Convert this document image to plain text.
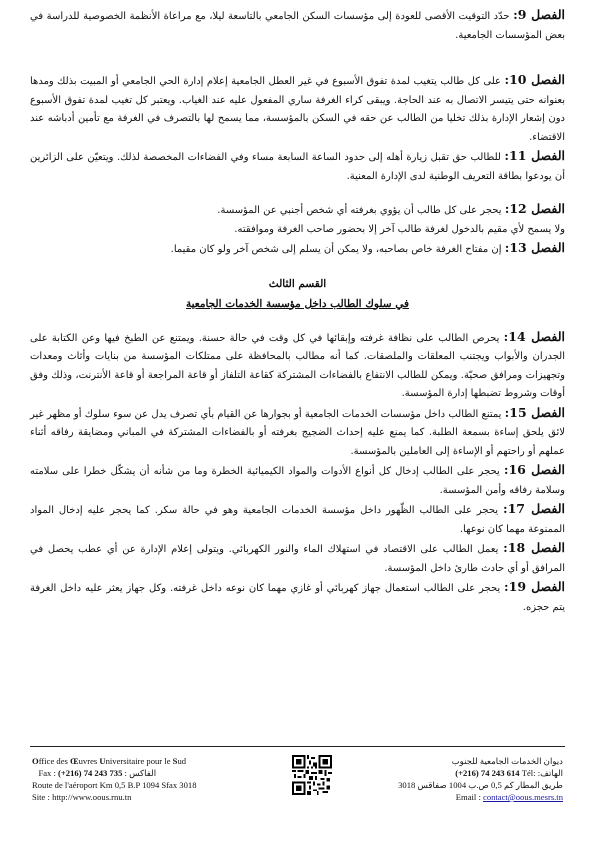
الفصل 9: حدّد التوقيت الأقصى للعودة إلى مؤسسات السكن الجامعي بالتاسعة ليلا، مع مراعاة الأنظمة الخصوصية للدراسة في بعض المؤسسات الجامعية.

الفصل 10: على كل طالب يتغيب لمدة تفوق الأسبوع في غير العطل الجامعية إعلام إدارة الحي الجامعي أو المبيت بذلك ومدها بعنوانه حتى يتيسر الاتصال به عند الحاجة. ويبقى كراء الغرفة ساري المفعول عليه عند الغياب. ويعتبر كل تغيب لمدة تفوق الأسبوع دون إشعار الإدارة بذلك تخليا من الطالب عن حقه في السكن بالمؤسسة، مما يسمح لها بالتصرف في الغرفة مع تأمين أدباشه عند الاقتضاء.

الفصل 11: للطالب حق تقبل زيارة أهله إلى حدود الساعة السابعة مساء وفي الفضاءات المخصصة لذلك. ويتعيّن على الزائرين أن يودعوا بطاقة التعريف الوطنية لدى الإدارة المعنية.

الفصل 12: يحجر على كل طالب أن يؤوي بغرفته أي شخص أجنبي عن المؤسسة.

ولا يسمح لأي مقيم بالدخول لغرفة طالب آخر إلا بحضور صاحب الغرفة وموافقته.

الفصل 13: إن مفتاح الغرفة خاص بصاحبه، ولا يمكن أن يسلم إلى شخص آخر ولو كان مقيما.

القسم الثالث
في سلوك الطالب داخل مؤسسة الخدمات الجامعية

الفصل 14: يحرص الطالب على نظافة غرفته وإبقائها في كل وقت في حالة حسنة. ويمتنع عن الطبخ فيها وعن الكتابة على الجدران والأبواب ويجتنب المعلقات والملصقات. كما أنه مطالب بالمحافظة على ممتلكات المؤسسة من بنايات وأثاث ومعدات وتجهيزات ومرافق صحيّة. ويمكن للطالب الانتفاع بالفضاءات المشتركة كقاعة التلفاز أو قاعة المراجعة أو قاعة الأنترنت، وذلك وفق أوقات وشروط تضبطها إدارة المؤسسة.

الفصل 15: يمتنع الطالب داخل مؤسسات الخدمات الجامعية أو بجوارها عن القيام بأي تصرف يدل عن سوء سلوك أو مظهر غير لائق يلحق إساءة بسمعة الطلبة. كما يمنع عليه إحداث الضجيج بغرفته أو بالفضاءات المشتركة في المباني ومضايقة رفاقه أثناء عملهم أو راحتهم أو الإساءة إلى العاملين بالمؤسسة.

الفصل 16: يحجر على الطالب إدخال كل أنواع الأدوات والمواد الكيميائية الخطرة وما من شأنه أن يشكّل خطرا على سلامته وسلامة رفاقه وأمن المؤسسة.

الفصل 17: يحجر على الطالب الظّهور داخل مؤسسة الخدمات الجامعية وهو في حالة سكر. كما يحجر عليه إدخال المواد الممنوعة مهما كان نوعها.

الفصل 18: يعمل الطالب على الاقتصاد في استهلاك الماء والنور الكهربائي. ويتولى إعلام الإدارة عن أي عطب يحصل في المرافق أو أي حادث طارئ داخل المؤسسة.

الفصل 19: يحجر على الطالب استعمال جهاز كهربائي أو غازي مهما كان نوعه داخل غرفته. وكل جهاز يعثر عليه داخل الغرفة يتم حجزه.

Office des Œuvres Universitaire pour le Sud
Fax : (+216) 74 243 735 : الفاكس
Route de l'aéroport Km 0,5 B.P 1094 Sfax 3018
Site : http://www.oous.rnu.tn
ديوان الخدمات الجامعية للجنوب
الهاتف: (+216) 74 243 614 Tél:
طريق المطار كم 0,5 ص.ب 1004 صفاقس 3018
Email : contact@oous.mesrs.tn
